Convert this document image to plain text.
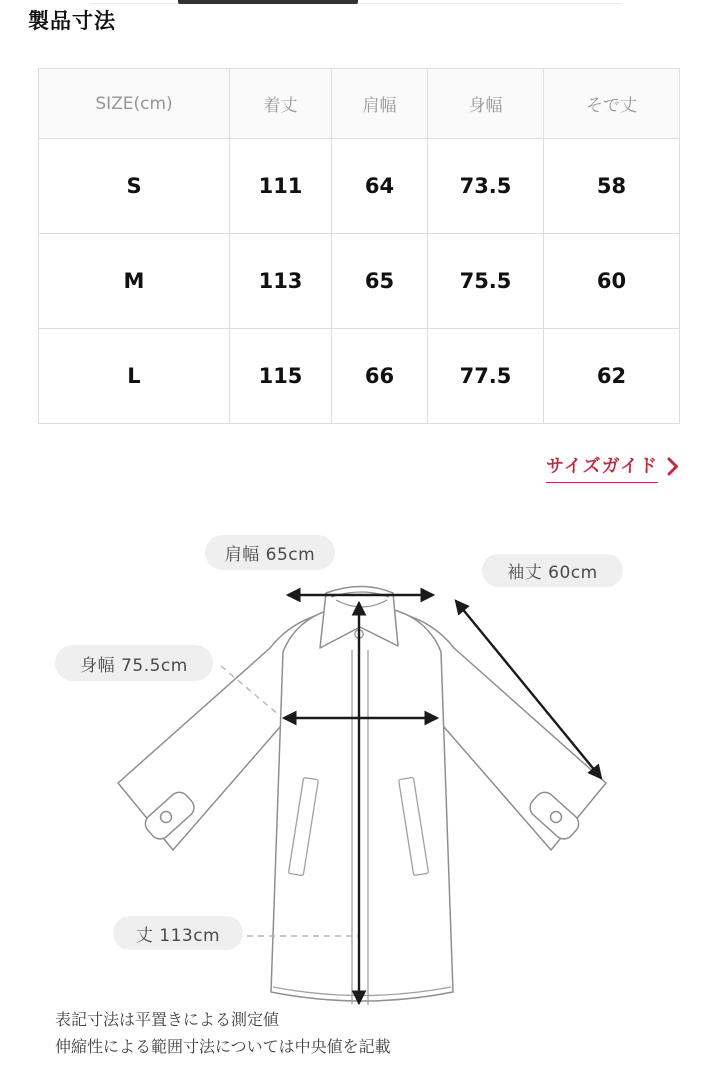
製品寸法
SIZE(cm)	着丈	肩幅	身幅	そで丈
S	111	64	73.5	58
M	113	65	75.5	60
L	115	66	77.5	62
サイズガイド
肩幅 65cm
袖丈 60cm
身幅 75.5cm
丈 113cm
表記寸法は平置きによる測定値
伸縮性による範囲寸法については中央値を記載
